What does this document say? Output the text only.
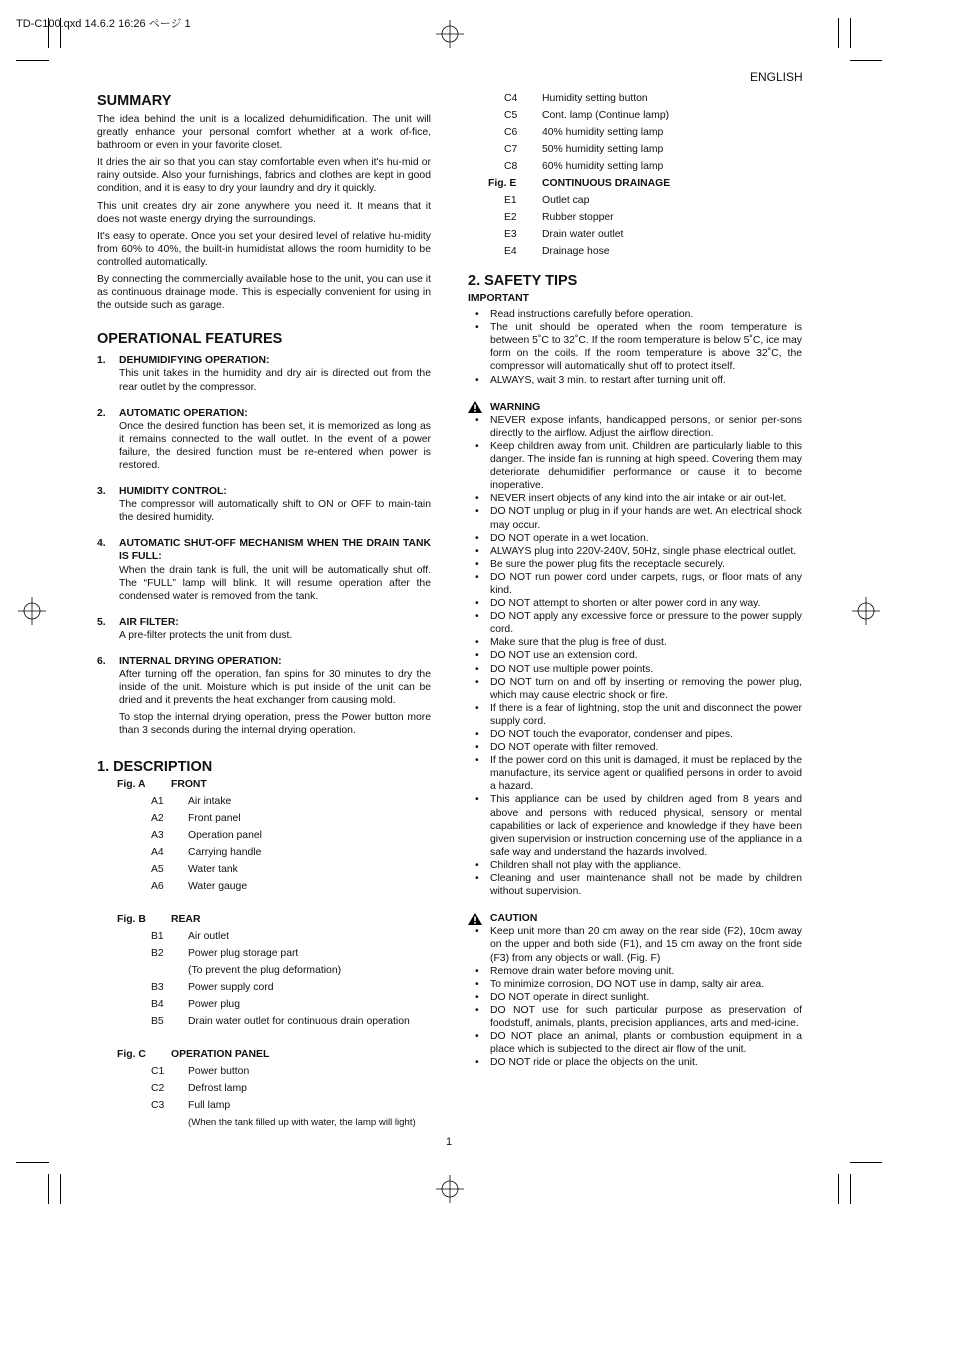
TD-C100.qxd 14.6.2 16:26 ページ 1
ENGLISH
1
SUMMARY

The idea behind the unit is a localized dehumidification. The unit will greatly enhance your personal comfort whether at a work of-fice, bathroom or even in your favorite closet.

It dries the air so that you can stay comfortable even when it's hu-mid or rainy outside. Also your furnishings, fabrics and clothes are kept in good condition, and it is easy to dry your laundry and dry it quickly.

This unit creates dry air zone anywhere you need it. It means that it does not waste energy drying the surroundings.

It's easy to operate. Once you set your desired level of relative hu-midity from 60% to 40%, the built-in humidistat allows the room humidity to be controlled automatically.

By connecting the commercially available hose to the unit, you can use it as continuous drainage mode. This is especially convenient for using in the outside such as garage.

OPERATIONAL FEATURES
1.	DEHUMIDIFYING OPERATION:

This unit takes in the humidity and dry air is directed out from the rear outlet by the compressor.

2.	AUTOMATIC OPERATION:

Once the desired function has been set, it is memorized as long as it remains connected to the wall outlet. In the event of a power failure, the desired function must be re-entered when power is restored.

3.	HUMIDITY CONTROL:

The compressor will automatically shift to ON or OFF to main-tain the desired humidity.

4.	AUTOMATIC SHUT-OFF MECHANISM WHEN THE DRAIN TANK IS FULL:

When the drain tank is full, the unit will be automatically shut off. The “FULL” lamp will blink. It will resume operation after the condensed water is removed from the tank.

5.	AIR FILTER:

A pre-filter protects the unit from dust.

6.	INTERNAL DRYING OPERATION:

After turning off the operation, fan spins for 30 minutes to dry the inside of the unit. Moisture which is put inside of the unit can be dried and it prevents the heat exchanger from causing mold.

To stop the internal drying operation, press the Power button more than 3 seconds during the internal drying operation.

1. DESCRIPTION
Fig. A	FRONT
A1	Air intake
A2	Front panel
A3	Operation panel
A4	Carrying handle
A5	Water tank
A6	Water gauge
Fig. B	REAR
B1	Air outlet
B2	Power plug storage part
(To prevent the plug deformation)
B3	Power supply cord
B4	Power plug
B5	Drain water outlet for continuous drain operation
Fig. C	OPERATION PANEL
C1	Power button
C2	Defrost lamp
C3	Full lamp
(When the tank filled up with water, the lamp will light)
C4	Humidity setting button
C5	Cont. lamp (Continue lamp)
C6	40% humidity setting lamp
C7	50% humidity setting lamp
C8	60% humidity setting lamp
Fig. E	CONTINUOUS DRAINAGE
E1	Outlet cap
E2	Rubber stopper
E3	Drain water outlet
E4	Drainage hose
2. SAFETY TIPS
IMPORTANT
• Read instructions carefully before operation.
• The unit should be operated when the room temperature is between 5˚C to 32˚C. If the room temperature is below 5˚C, ice may form on the coils. If the room temperature is above 32˚C, the compressor will automatically shut off to protect itself.
• ALWAYS, wait 3 min. to restart after turning unit off.
WARNING
• NEVER expose infants, handicapped persons, or senior per-sons directly to the airflow. Adjust the airflow direction.
• Keep children away from unit. Children are particularly liable to this danger. The inside fan is running at high speed. Covering them may deteriorate dehumidifier performance or cause it to become inoperative.
• NEVER insert objects of any kind into the air intake or air out-let.
• DO NOT unplug or plug in if your hands are wet. An electrical shock may occur.
• DO NOT operate in a wet location.
• ALWAYS plug into 220V-240V, 50Hz, single phase electrical outlet.
• Be sure the power plug fits the receptacle securely.
• DO NOT run power cord under carpets, rugs, or floor mats of any kind.
• DO NOT attempt to shorten or alter power cord in any way.
• DO NOT apply any excessive force or pressure to the power supply cord.
• Make sure that the plug is free of dust.
• DO NOT use an extension cord.
• DO NOT use multiple power points.
• DO NOT turn on and off by inserting or removing the power plug, which may cause electric shock or fire.
• If there is a fear of lightning, stop the unit and disconnect the power supply cord.
• DO NOT touch the evaporator, condenser and pipes.
• DO NOT operate with filter removed.
• If the power cord on this unit is damaged, it must be replaced by the manufacture, its service agent or qualified persons in order to avoid a hazard.
• This appliance can be used by children aged from 8 years and above and persons with reduced physical, sensory or mental capabilities or lack of experience and knowledge if they have been given supervision or instruction concerning use of the appliance in a safe way and understand the hazards involved.
• Children shall not play with the appliance.
• Cleaning and user maintenance shall not be made by children without supervision.
CAUTION
• Keep unit more than 20 cm away on the rear side (F2), 10cm away on the upper and both side (F1), and 15 cm away on the front side (F3) from any objects or wall. (Fig. F)
• Remove drain water before moving unit.
• To minimize corrosion, DO NOT use in damp, salty air area.
• DO NOT operate in direct sunlight.
• DO NOT use for such particular purpose as preservation of foodstuff, animals, plants, precision appliances, arts and med-icine.
• DO NOT place an animal, plants or combustion equipment in a place which is subjected to the direct air flow of the unit.
• DO NOT ride or place the objects on the unit.
